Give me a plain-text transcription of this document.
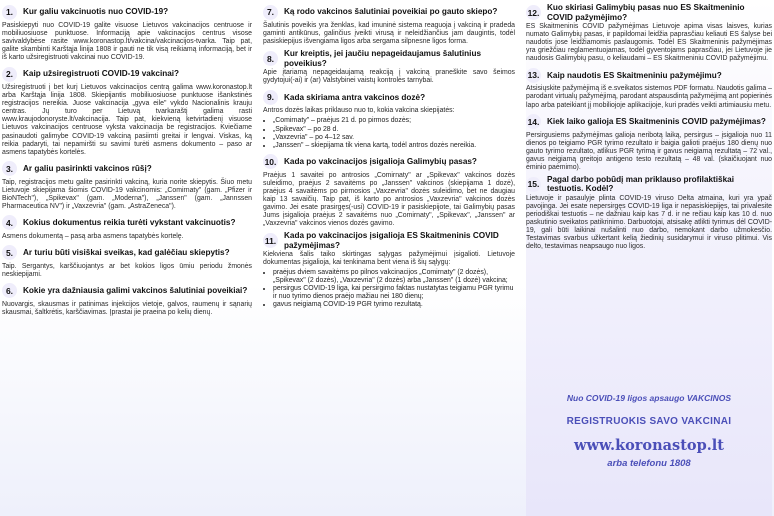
1.	Kur galiu vakcinuotis nuo COVID-19?
Pasiskiepyti nuo COVID-19 galite visuose Lietuvos vakcinacijos centruose ir mobiliuosiuose punktuose. Informaciją apie vakcinacijos centrus visose savivaldybėse rasite www.koronastop.lt/vakcina/vakcinacijos-tvarka. Taip pat, galite skambinti Karštąja linija 1808 ir gauti ne tik visą reikiamą informaciją, bet ir iš karto užsiregistruoti vakcinai nuo COVID-19.
2.	Kaip užsiregistruoti COVID-19 vakcinai?
Užsiregistruoti į bet kurį Lietuvos vakcinacijos centrą galima www.koronastop.lt arba Karštąja linija 1808. Skiepijantis mobiliuosiuose punktuose išankstinės registracijos nereikia. Juose vakcinacija „gyva eile" vykdo Nacionalinis krauju centras. Jų turo per Lietuvą tvarkaraštį galima rasti www.kraujodonoryste.lt/vakcinacija. Taip pat, kiekvieną ketvirtadienį visuose Lietuvos vakcinacijos centruose vyksta vakcinacija be registracijos. Kviečiame pasinaudoti galimybe COVID-19 vakciną pasiimti greitai ir lengvai. Viskas, ką reikia padaryti, tai nepamiršti su savimi turėti asmens dokumento – paso ar asmens tapatybės kortelės.
3.	Ar galiu pasirinkti vakcinos rūšį?
Taip, registracijos metu galite pasirinkti vakciną, kuria norite skiepytis. Šiuo metu Lietuvoje skiepijama šiomis COVID-19 vakcinomis: „Comirnaty" (gam. „Pfizer ir BioNTech"), „Spikevax" (gam. „Moderna"), „Janssen" (gam. „Jannssen Pharmaceutica NV") ir „Vaxzevria" (gam. „AstraZeneca").
4.	Kokius dokumentus reikia turėti vykstant vakcinuotis?
Asmens dokumentą – pasą arba asmens tapatybės kortelę.
5.	Ar turiu būti visiškai sveikas, kad galėčiau skiepytis?
Taip. Sergantys, karščiuojantys ar bet kokios ligos ūmiu periodu žmonės neskiepijami.
6.	Kokie yra dažniausia galimi vakcinos šalutiniai poveikiai?
Nuovargis, skausmas ir patinimas injekcijos vietoje, galvos, raumenų ir sąnarių skausmai, šaltkrėtis, karščiavimas. Įprastai jie praeina po kelių dienų.
7.	Ką rodo vakcinos šalutiniai poveikiai po gauto skiepo?
Šalutinis poveikis yra ženklas, kad imuninė sistema reaguoja į vakciną ir pradeda gaminti antikūnus, galinčius įveikti virusą ir neleidžiančius jam daugintis, todėl pasiskiepijus išvengiama ligos arba sergama silpnesne ligos forma.
8.
Kur kreiptis, jei jaučiu nepageidaujamus šalutinius poveikius?
Apie įtariamą nepageidaujamą reakciją į vakciną praneškite savo šeimos gydytojui(-ai) ir (ar) Valstybinei vaistų kontrolės tarnybai.
9.	Kada skiriama antra vakcinos dozė?
Antros dozės laikas priklauso nuo to, kokia vakcina skiepijatės:
• „Comirnaty" – praėjus 21 d. po pirmos dozės;
• „Spikevax" – po 28 d.
• „Vaxzevria" – po 4–12 sav.
• „Janssen" – skiepijama tik viena kartą, todėl antros dozės nereikia.
10. Kada po vakcinacijos įsigalioja Galimybių pasas?
Praėjus 1 savaitei po antrosios „Comirnaty" ar „Spikevax" vakcinos dozės suleidimo, praėjus 2 savaitėms po „Janssen" vakcinos (skiepijama 1 dozė), praėjus 4 savaitėms po pirmosios „Vaxzevria" dozės suleidimo, bet ne daugiau kaip 13 savaičių. Taip pat, iš karto po antrosios „Vaxzevria" vakcinos dozės gavimo. Jei esate prasirgęs(-usi) COVID-19 ir pasiskiepijote, tai Galimybių pasas Jums įsigalioja praėjus 2 savaitėms nuo „Comirnaty", „Spikevax", „Janssen" ar „Vaxzevria" vakcinos vienos dozės gavimo.
11.
Kada po vakcinacijos įsigalioja ES Skaitmeninis COVID pažymėjimas?
Kiekviena šalis taiko skirtingas sąlygas pažymėjimui įsigalioti. Lietuvoje dokumentas įsigalioja, kai tenkinama bent viena iš šių sąlygų:
• praėjus dviem savaitėms po pilnos vakcinacijos „Comirnaty" (2 dozės), „Spikevax" (2 dozės), „Vaxzevria" (2 dozės) arba „Janssen" (1 dozė) vakcina;
• persirgus COVID-19 liga, kai persirgimo faktas nustatytas teigiamu PGR tyrimu ir nuo tyrimo dienos praėjo mažiau nei 180 dienų;
• gavus neigiamą COVID-19 PGR tyrimo rezultatą.
12.
Kuo skiriasi Galimybių pasas nuo ES Skaitmeninio COVID pažymėjimo?
ES Skaitmeninis COVID pažymėjimas Lietuvoje apima visas laisves, kurias numato Galimybių pasas, ir papildomai leidžia paprasčiau keliauti ES šalyse bei naudotis jose leidžiamomis paslaugomis. Todėl ES Skaitmeninis pažymėjimas yra griežčiau reglamentuojamas, todėl gyventojams paprasčiau, jei Lietuvoje jie naudosis Galimybių pasu, o keliaudami – ES Skaitmeniniu COVID pažymėjimu.
13. Kaip naudotis ES Skaitmeniniu pažymėjimu?
Atsisiųskite pažymėjimą iš e.sveikatos sistemos PDF formatu. Naudotis galima – parodant virtualų pažymėjimą, parodant atspausdintą pažymėjimą ant popierinės lapo arba pateikiant jį mobiliojoje aplikacijoje, kuri pradės veikti artimiausiu metu.
14. Kiek laiko galioja ES Skaitmeninis COVID pažymėjimas?
Persirgusiems pažymėjimas galioja neribotą laiką, persirgus – įsigalioja nuo 11 dienos po teigiamo PGR tyrimo rezultato ir baigia galioti praėjus 180 dienų nuo gauto tyrimo rezultato, atlikus PGR tyrimą ir gavus neigiamą rezultatą – 72 val., gavus neigiamą greitojo antigeno testo rezultatą – 48 val. (skaičiuojant nuo ėminio paėmimo).
15.
Pagal darbo pobūdį man priklauso profilaktiškai testuotis. Kodėl?
Lietuvoje ir pasaulyje plinta COVID-19 viruso Delta atmaina, kuri yra ypač pavojinga. Jei esate nepersirgęs COVID-19 liga ir nepasiskiepijęs, tai privalesite periodiškai testuotis – ne dažniau kaip kas 7 d. ir ne rečiau kaip kas 10 d. nuo paskutinio sveikatos patikrinimo. Darbuotojai, atsisakę atlikti tyrimus dėl COVID-19, gali būti laikinai nušalinti nuo darbo, nemokant darbo užmokesčio. Testavimas svarbus užkertant kelią žiedinių susidarymui ir viruso plitimui. Vis delto, testavimas neapsaugo nuo ligos.
Nuo COVID-19 ligos apsaugo VAKCINOS
REGISTRUOKIS SAVO VAKCINAI
www.koronastop.lt
arba telefonu 1808
